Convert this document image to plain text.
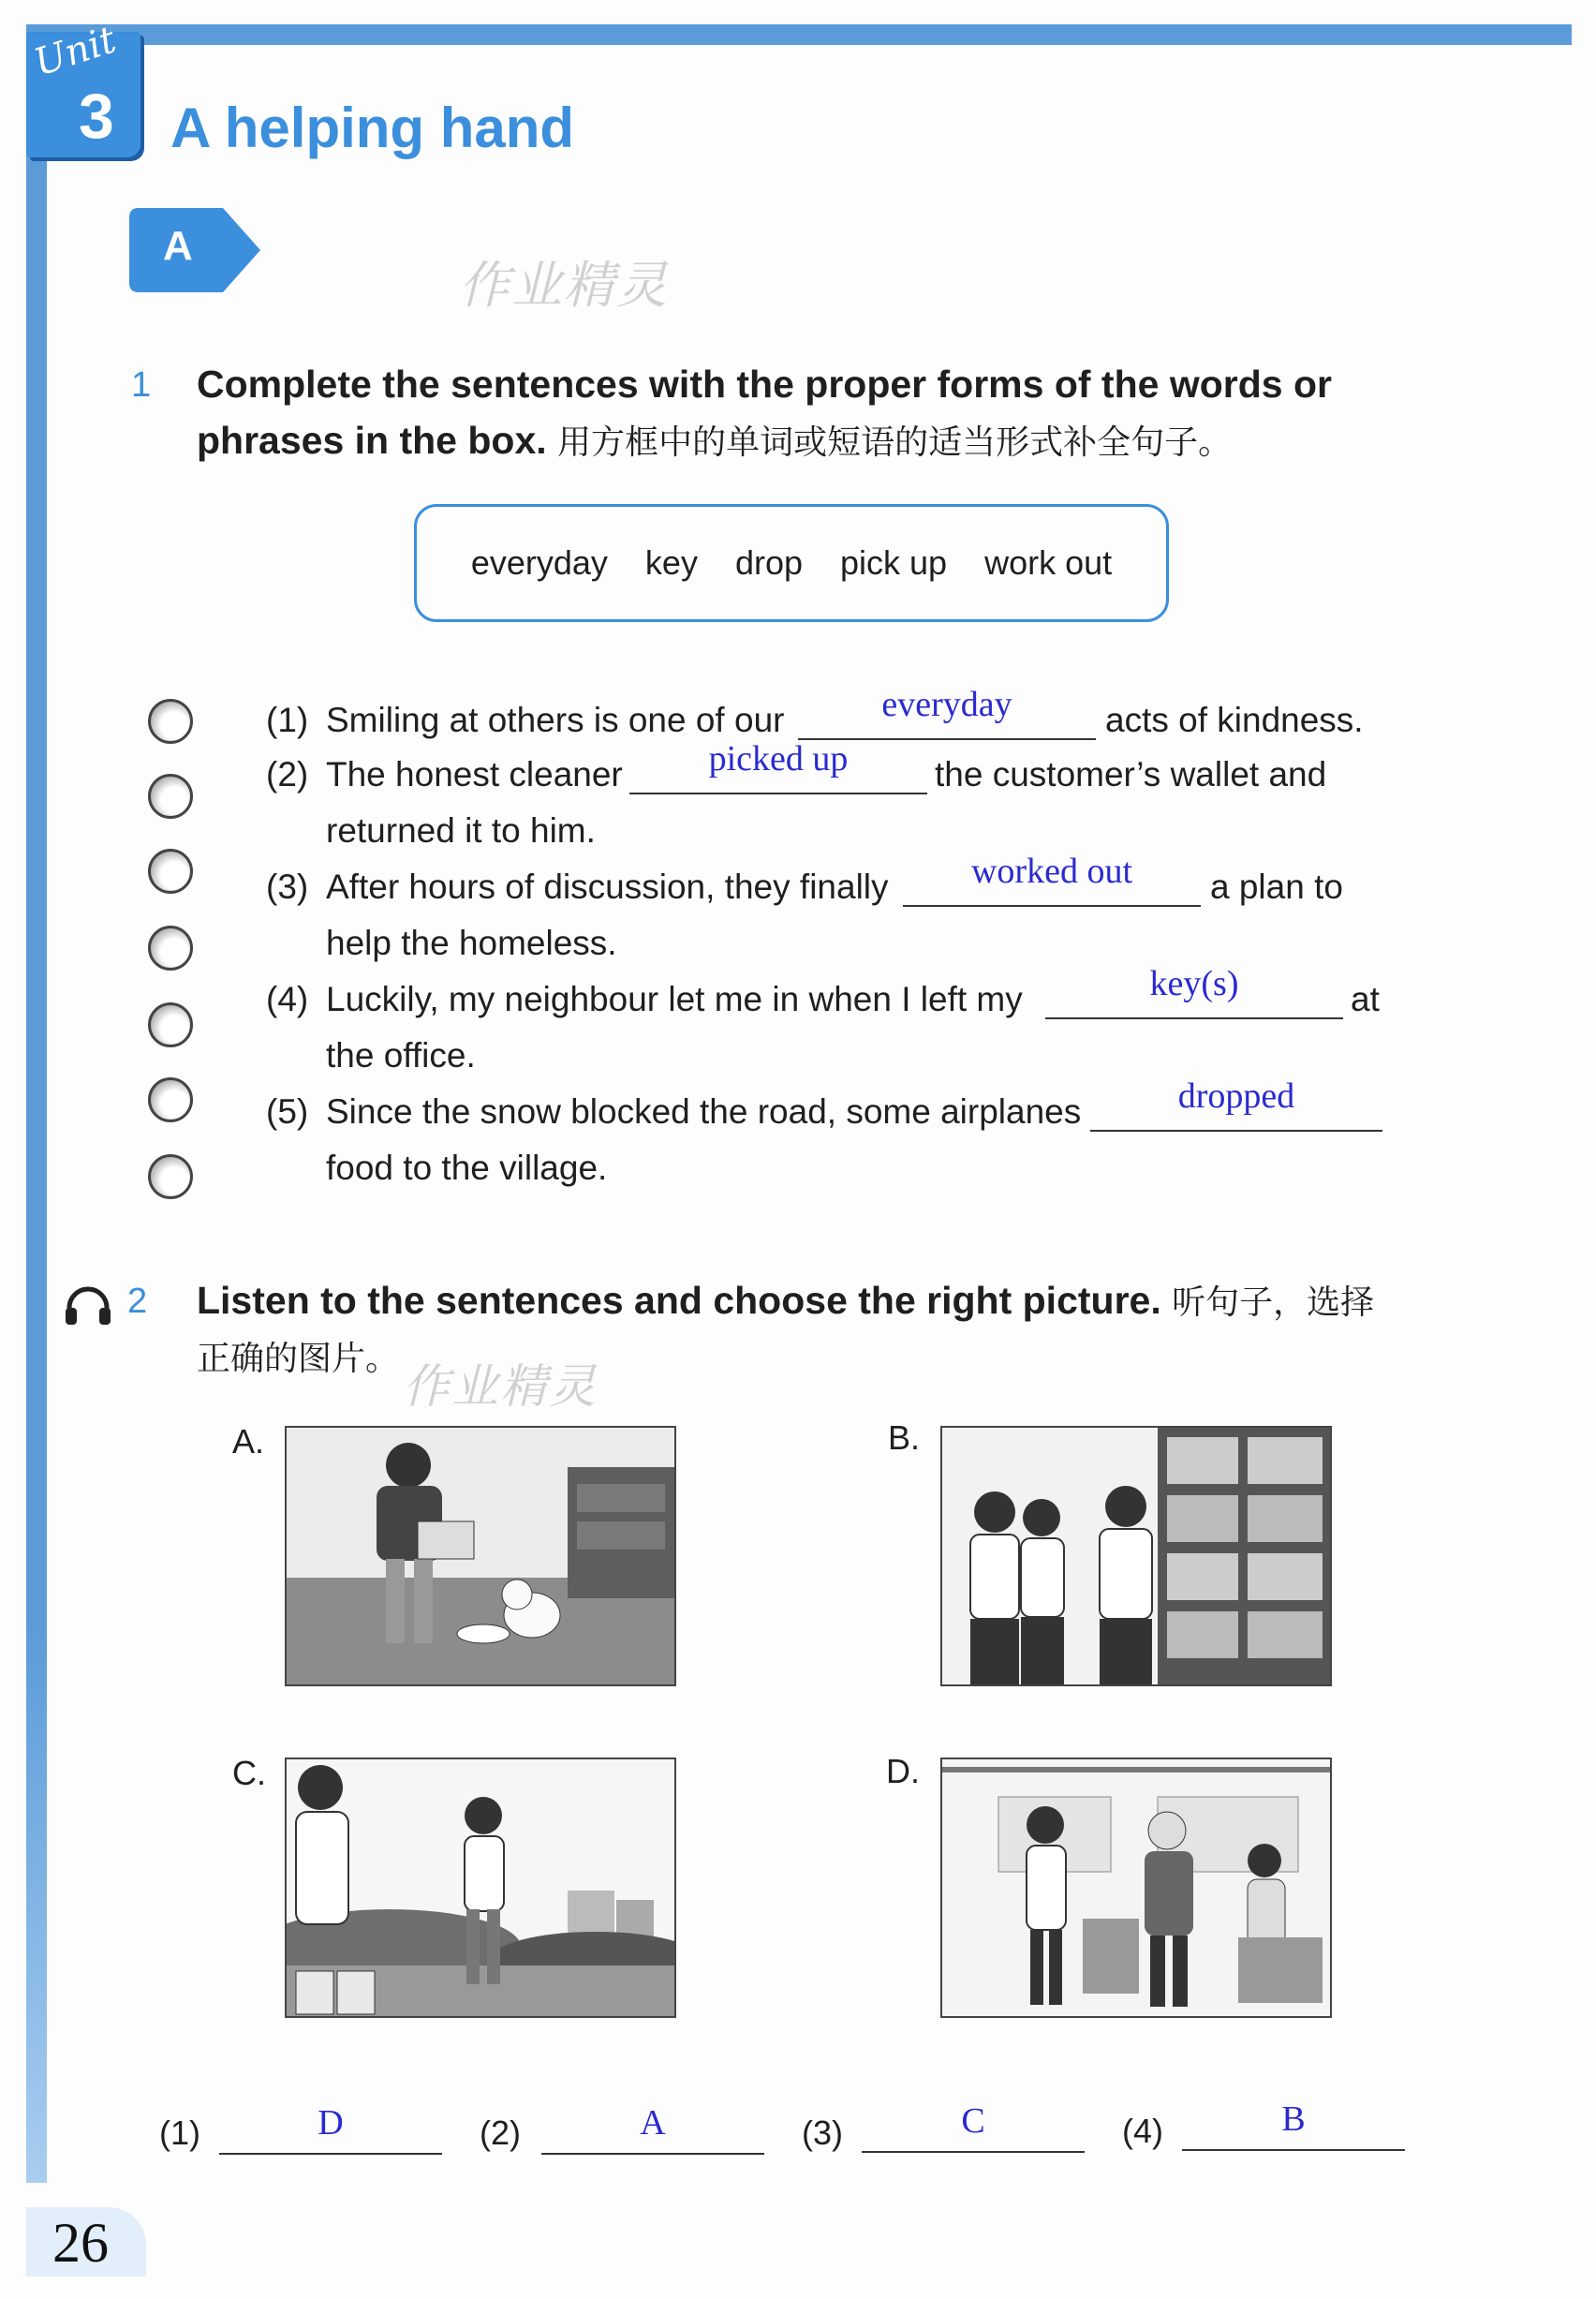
Unit
3 A helping hand
A
作业精灵
1 Complete the sentences with the proper forms of the words or
phrases in the box. 用方框中的单词或短语的适当形式补全句子。
everyday key drop pick up work out
(1) Smiling at others is one of our	everyday	acts of kindness.
(2) The honest cleaner	picked up	the customer’s wallet and
returned it to him.
(3) After hours of discussion, they finally	worked out	a plan to
help the homeless.
(4) Luckily, my neighbour let me in when I left my	key(s)	at
the office.
(5) Since the snow blocked the road, some airplanes	dropped
food to the village.
2 Listen to the sentences and choose the right picture. 听句子，选择
正确的图片。
作业精灵
A.	B.
C.	D.
(1)	D	(2)	A	(3)	C	(4)	B
26
